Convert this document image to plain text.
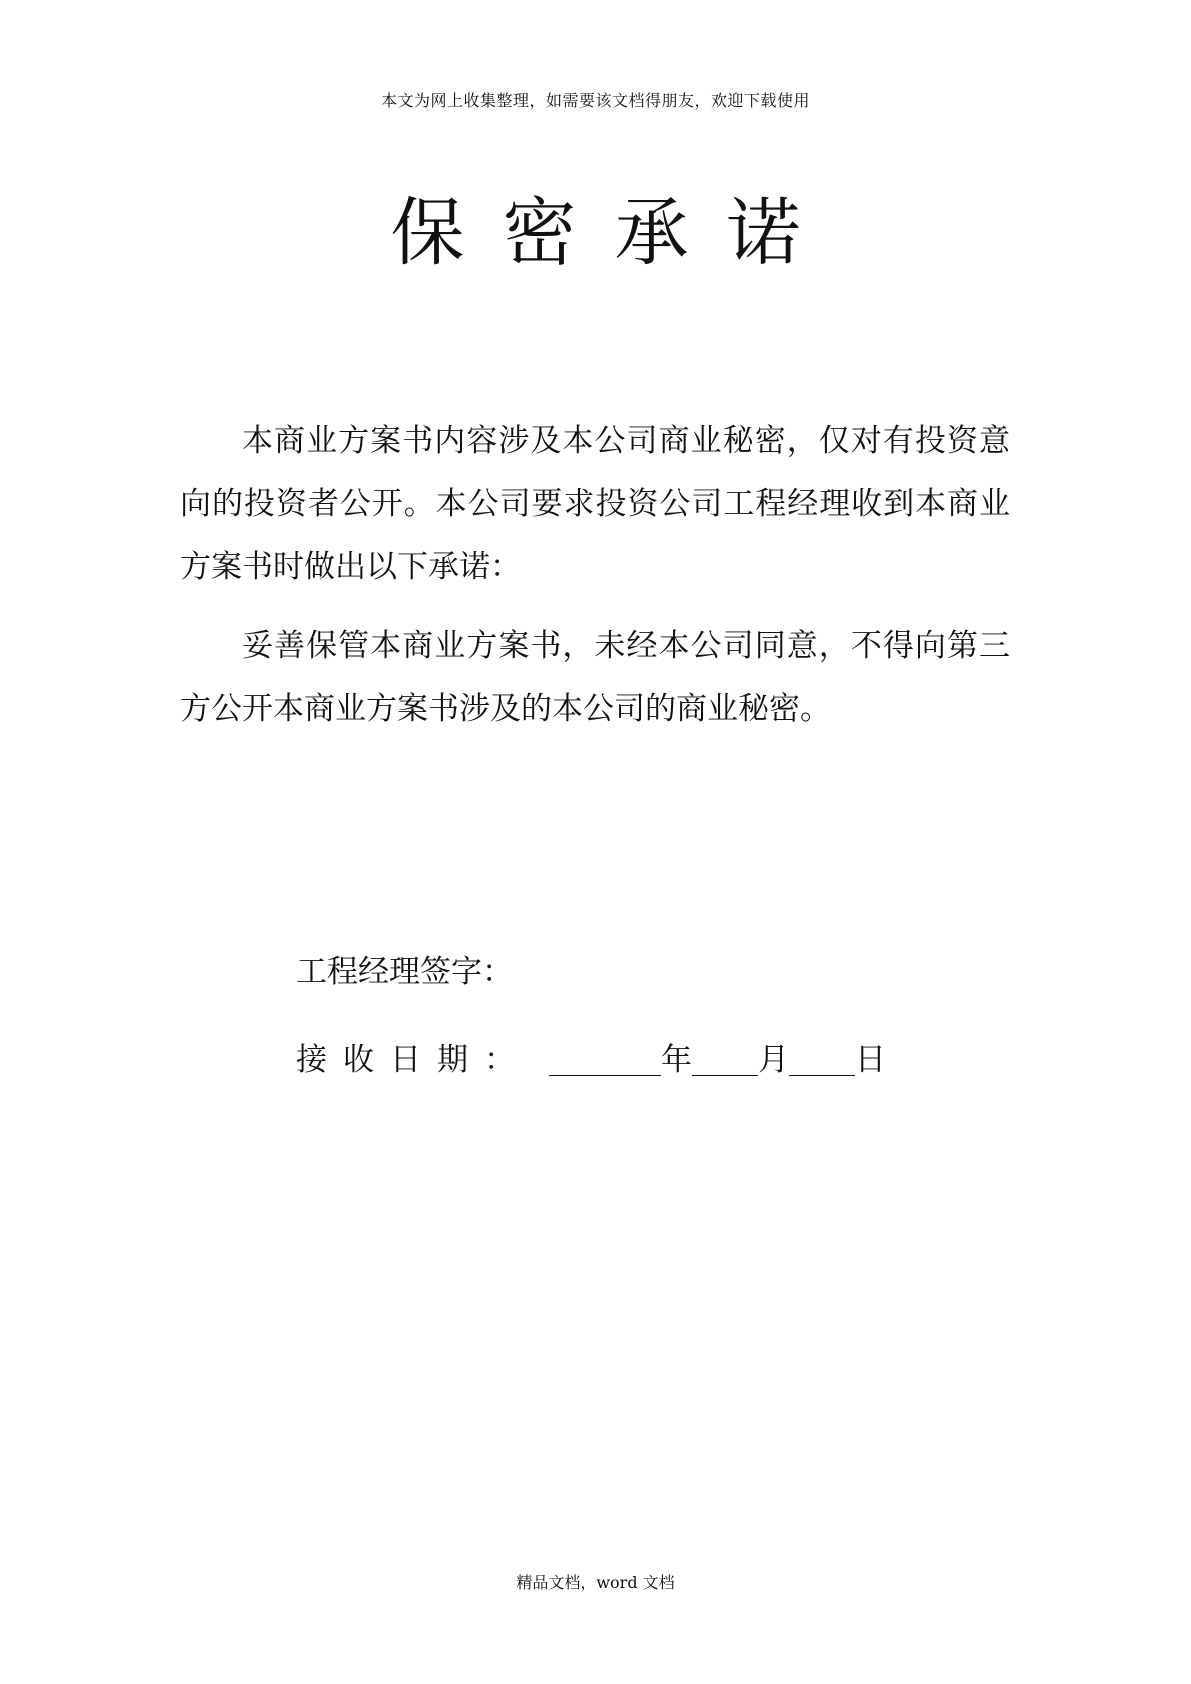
本文为网上收集整理，如需要该文档得朋友，欢迎下载使用
保密承诺

本商业方案书内容涉及本公司商业秘密，仅对有投资意向的投资者公开。本公司要求投资公司工程经理收到本商业方案书时做出以下承诺：

妥善保管本商业方案书，未经本公司同意，不得向第三方公开本商业方案书涉及的本公司的商业秘密。

工程经理签字：
接收日期：	年 月 日
精品文档，word 文档
